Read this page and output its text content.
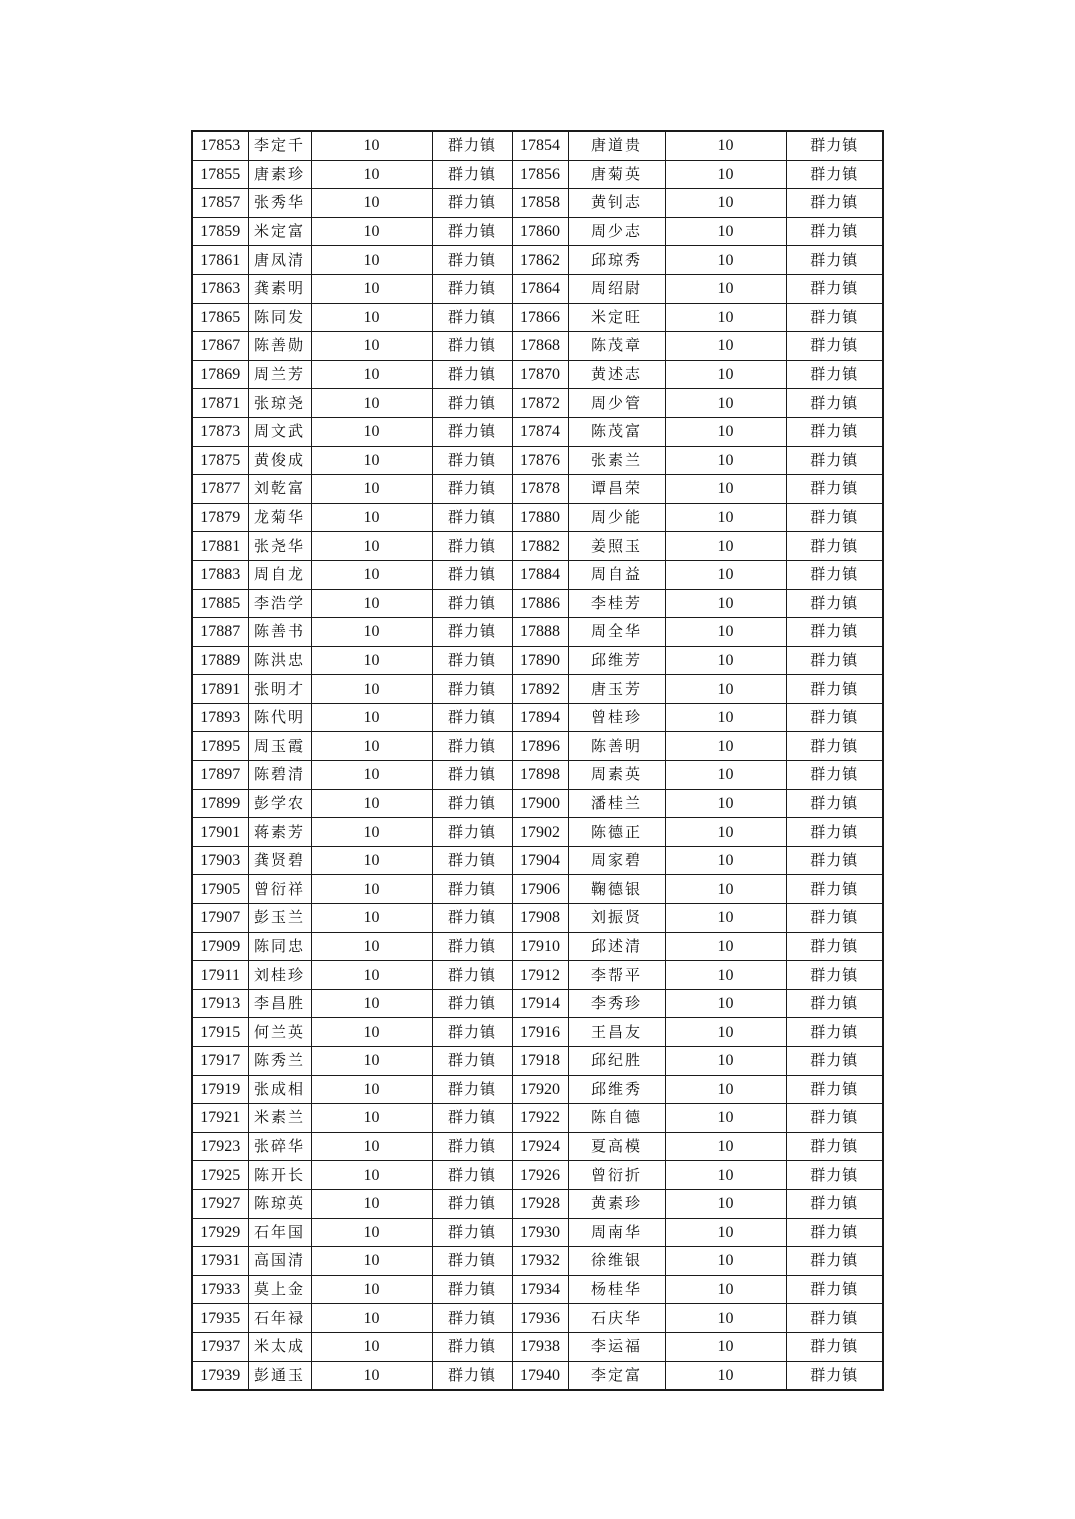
17853	李定千	10	群力镇	17854	唐道贵	10	群力镇
17855	唐素珍	10	群力镇	17856	唐菊英	10	群力镇
17857	张秀华	10	群力镇	17858	黄钊志	10	群力镇
17859	米定富	10	群力镇	17860	周少志	10	群力镇
17861	唐凤清	10	群力镇	17862	邱琼秀	10	群力镇
17863	龚素明	10	群力镇	17864	周绍尉	10	群力镇
17865	陈同发	10	群力镇	17866	米定旺	10	群力镇
17867	陈善勋	10	群力镇	17868	陈茂章	10	群力镇
17869	周兰芳	10	群力镇	17870	黄述志	10	群力镇
17871	张琼尧	10	群力镇	17872	周少管	10	群力镇
17873	周文武	10	群力镇	17874	陈茂富	10	群力镇
17875	黄俊成	10	群力镇	17876	张素兰	10	群力镇
17877	刘乾富	10	群力镇	17878	谭昌荣	10	群力镇
17879	龙菊华	10	群力镇	17880	周少能	10	群力镇
17881	张尧华	10	群力镇	17882	姜照玉	10	群力镇
17883	周自龙	10	群力镇	17884	周自益	10	群力镇
17885	李浩学	10	群力镇	17886	李桂芳	10	群力镇
17887	陈善书	10	群力镇	17888	周全华	10	群力镇
17889	陈洪忠	10	群力镇	17890	邱维芳	10	群力镇
17891	张明才	10	群力镇	17892	唐玉芳	10	群力镇
17893	陈代明	10	群力镇	17894	曾桂珍	10	群力镇
17895	周玉霞	10	群力镇	17896	陈善明	10	群力镇
17897	陈碧清	10	群力镇	17898	周素英	10	群力镇
17899	彭学农	10	群力镇	17900	潘桂兰	10	群力镇
17901	蒋素芳	10	群力镇	17902	陈德正	10	群力镇
17903	龚贤碧	10	群力镇	17904	周家碧	10	群力镇
17905	曾衍祥	10	群力镇	17906	鞠德银	10	群力镇
17907	彭玉兰	10	群力镇	17908	刘振贤	10	群力镇
17909	陈同忠	10	群力镇	17910	邱述清	10	群力镇
17911	刘桂珍	10	群力镇	17912	李帮平	10	群力镇
17913	李昌胜	10	群力镇	17914	李秀珍	10	群力镇
17915	何兰英	10	群力镇	17916	王昌友	10	群力镇
17917	陈秀兰	10	群力镇	17918	邱纪胜	10	群力镇
17919	张成相	10	群力镇	17920	邱维秀	10	群力镇
17921	米素兰	10	群力镇	17922	陈自德	10	群力镇
17923	张碎华	10	群力镇	17924	夏高模	10	群力镇
17925	陈开长	10	群力镇	17926	曾衍折	10	群力镇
17927	陈琼英	10	群力镇	17928	黄素珍	10	群力镇
17929	石年国	10	群力镇	17930	周南华	10	群力镇
17931	高国清	10	群力镇	17932	徐维银	10	群力镇
17933	莫上金	10	群力镇	17934	杨桂华	10	群力镇
17935	石年禄	10	群力镇	17936	石庆华	10	群力镇
17937	米太成	10	群力镇	17938	李运福	10	群力镇
17939	彭通玉	10	群力镇	17940	李定富	10	群力镇
